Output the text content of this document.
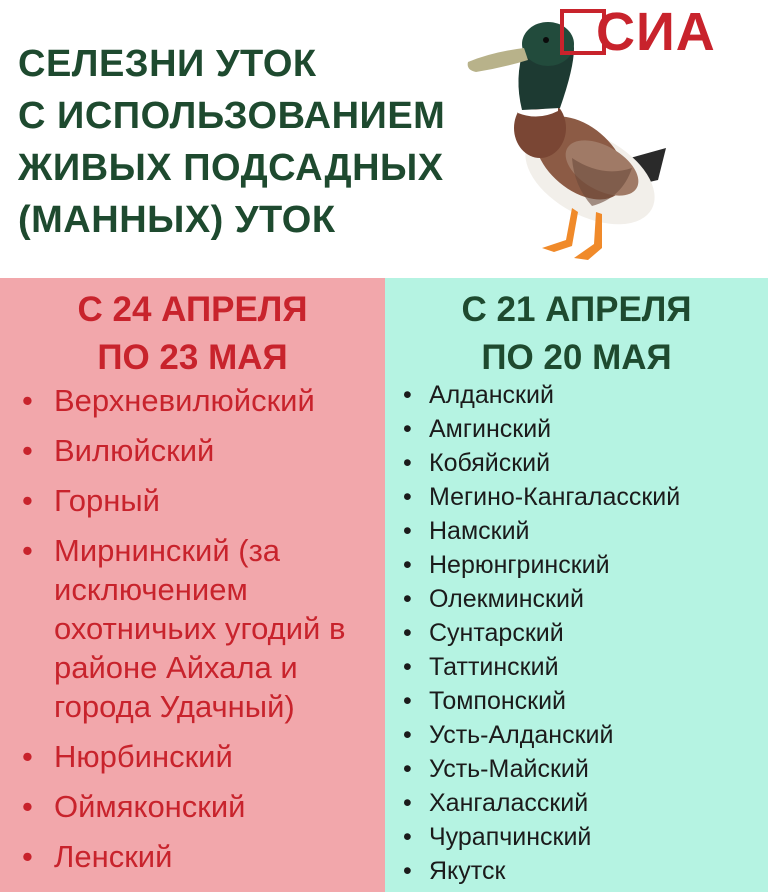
СЕЛЕЗНИ УТОК
С ИСПОЛЬЗОВАНИЕМ
ЖИВЫХ ПОДСАДНЫХ
(МАННЫХ) УТОК
СИА
С 24 АПРЕЛЯ
ПО 23 МАЯ
• Верхневилюйский
• Вилюйский
• Горный
• Мирнинский (за исключением охотничьих угодий в районе Айхала и города Удачный)
• Нюрбинский
• Оймяконский
• Ленский
С 21 АПРЕЛЯ
ПО 20 МАЯ
• Алданский
• Амгинский
• Кобяйский
• Мегино-Кангаласский
• Намский
• Нерюнгринский
• Олекминский
• Сунтарский
• Таттинский
• Томпонский
• Усть-Алданский
• Усть-Майский
• Хангаласский
• Чурапчинский
• Якутск
